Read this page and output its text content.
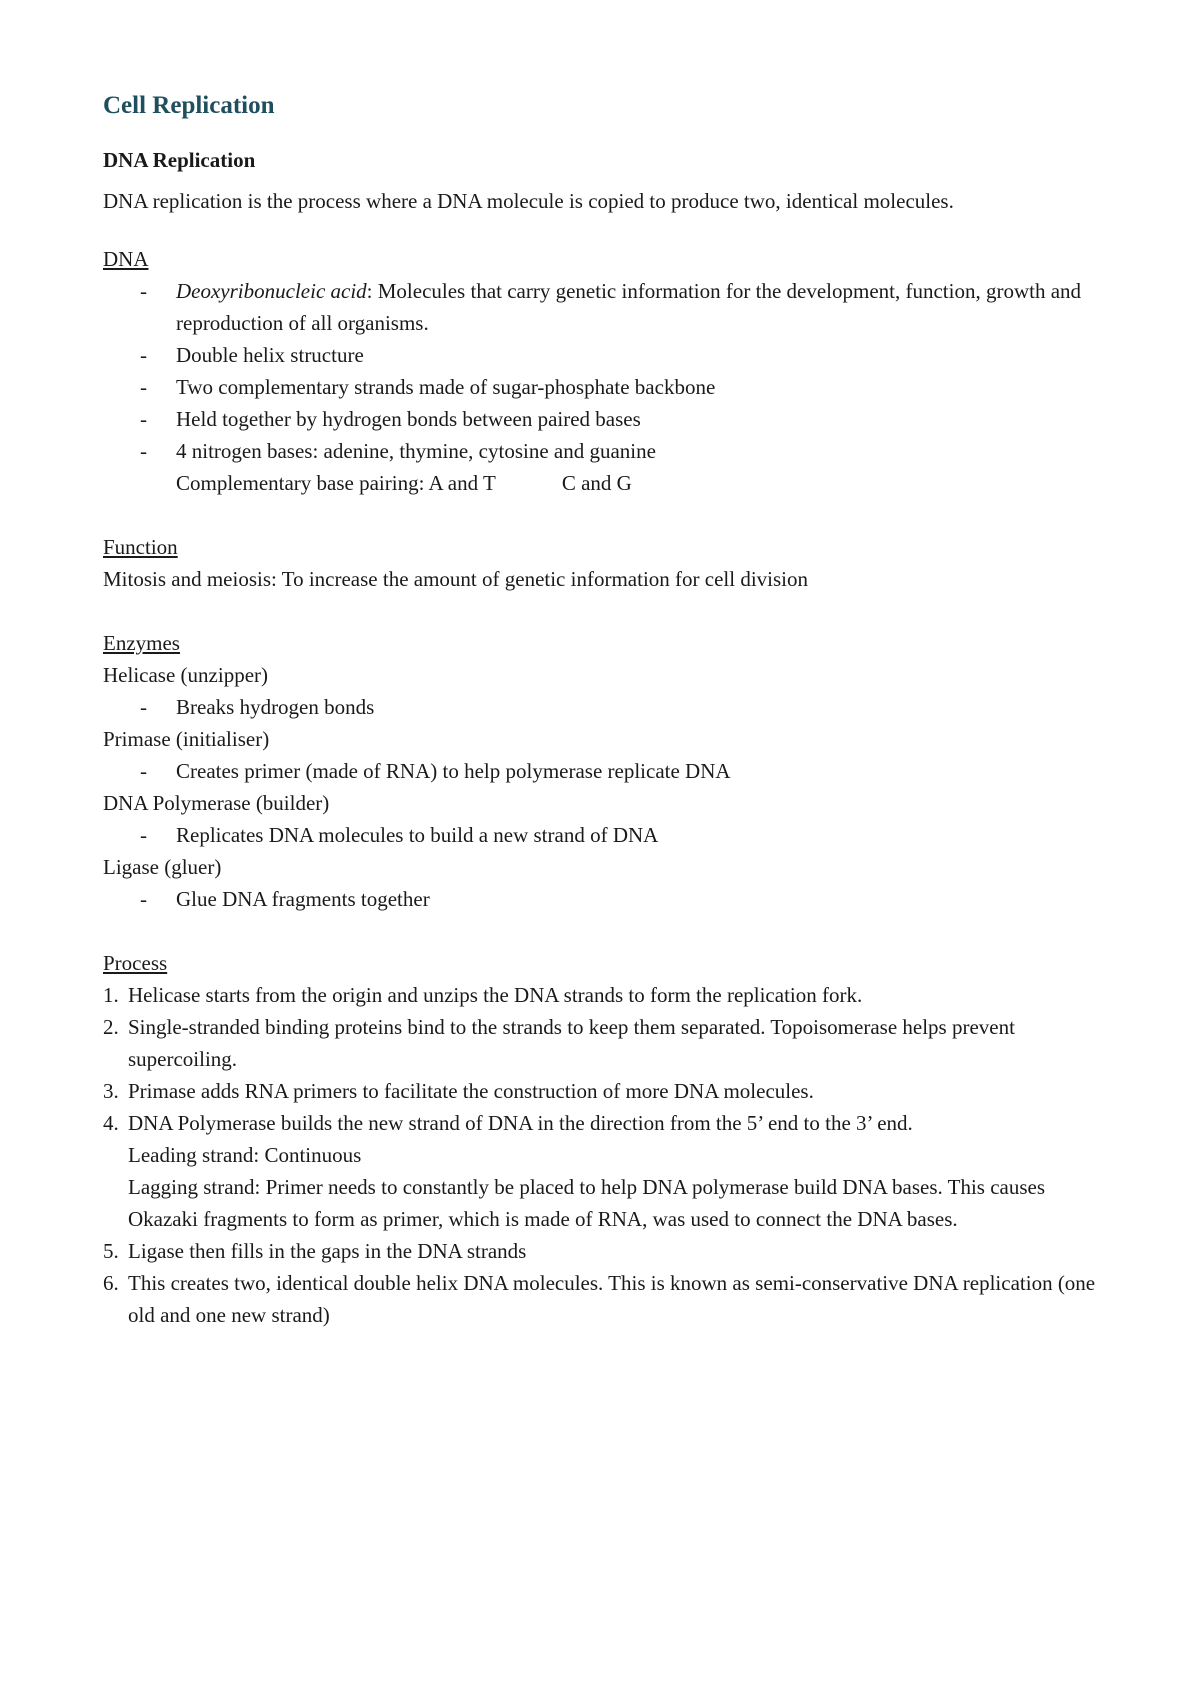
Cell Replication
DNA Replication
DNA replication is the process where a DNA molecule is copied to produce two, identical molecules.
DNA
- Deoxyribonucleic acid: Molecules that carry genetic information for the development, function, growth and reproduction of all organisms.
- Double helix structure
- Two complementary strands made of sugar-phosphate backbone
- Held together by hydrogen bonds between paired bases
- 4 nitrogen bases: adenine, thymine, cytosine and guanine
Complementary base pairing: A and T	C and G
Function
Mitosis and meiosis: To increase the amount of genetic information for cell division
Enzymes
Helicase (unzipper)
- Breaks hydrogen bonds
Primase (initialiser)
- Creates primer (made of RNA) to help polymerase replicate DNA
DNA Polymerase (builder)
- Replicates DNA molecules to build a new strand of DNA
Ligase (gluer)
- Glue DNA fragments together
Process
1. Helicase starts from the origin and unzips the DNA strands to form the replication fork.
2. Single-stranded binding proteins bind to the strands to keep them separated. Topoisomerase helps prevent supercoiling.
3. Primase adds RNA primers to facilitate the construction of more DNA molecules.
4. DNA Polymerase builds the new strand of DNA in the direction from the 5’ end to the 3’ end.
Leading strand: Continuous
Lagging strand: Primer needs to constantly be placed to help DNA polymerase build DNA bases. This causes Okazaki fragments to form as primer, which is made of RNA, was used to connect the DNA bases.
5. Ligase then fills in the gaps in the DNA strands
6. This creates two, identical double helix DNA molecules. This is known as semi-conservative DNA replication (one old and one new strand)
